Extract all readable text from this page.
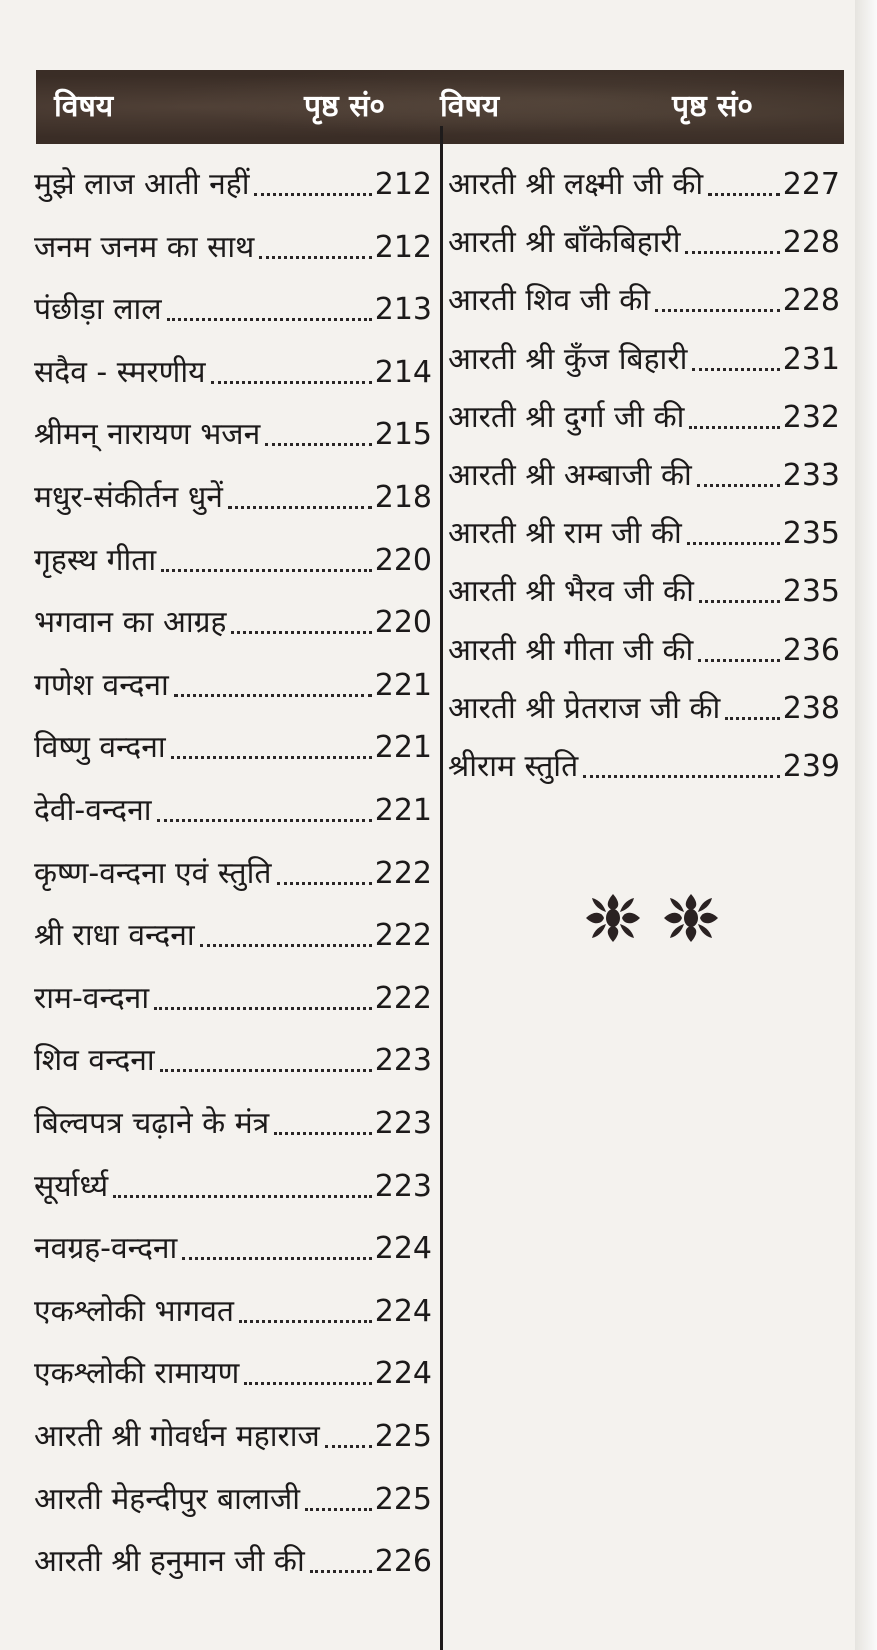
विषय	पृष्ठ सं० विषय	पृष्ठ सं०
मुझे लाज आती नहीं	212
जनम जनम का साथ	212
पंछीड़ा लाल	213
सदैव - स्मरणीय	214
श्रीमन् नारायण भजन	215
मधुर-संकीर्तन धुनें	218
गृहस्थ गीता	220
भगवान का आग्रह	220
गणेश वन्दना	221
विष्णु वन्दना	221
देवी-वन्दना	221
कृष्ण-वन्दना एवं स्तुति	222
श्री राधा वन्दना	222
राम-वन्दना	222
शिव वन्दना	223
बिल्वपत्र चढ़ाने के मंत्र	223
सूर्यार्ध्य	223
नवग्रह-वन्दना	224
एकश्लोकी भागवत	224
एकश्लोकी रामायण	224
आरती श्री गोवर्धन महाराज 225
आरती मेहन्दीपुर बालाजी 225
आरती श्री हनुमान जी की 226
आरती श्री लक्ष्मी जी की	227
आरती श्री बाँकेबिहारी	228
आरती शिव जी की	228
आरती श्री कुँज बिहारी	231
आरती श्री दुर्गा जी की	232
आरती श्री अम्बाजी की	233
आरती श्री राम जी की	235
आरती श्री भैरव जी की	235
आरती श्री गीता जी की	236
आरती श्री प्रेतराज जी की 238
श्रीराम स्तुति	239
